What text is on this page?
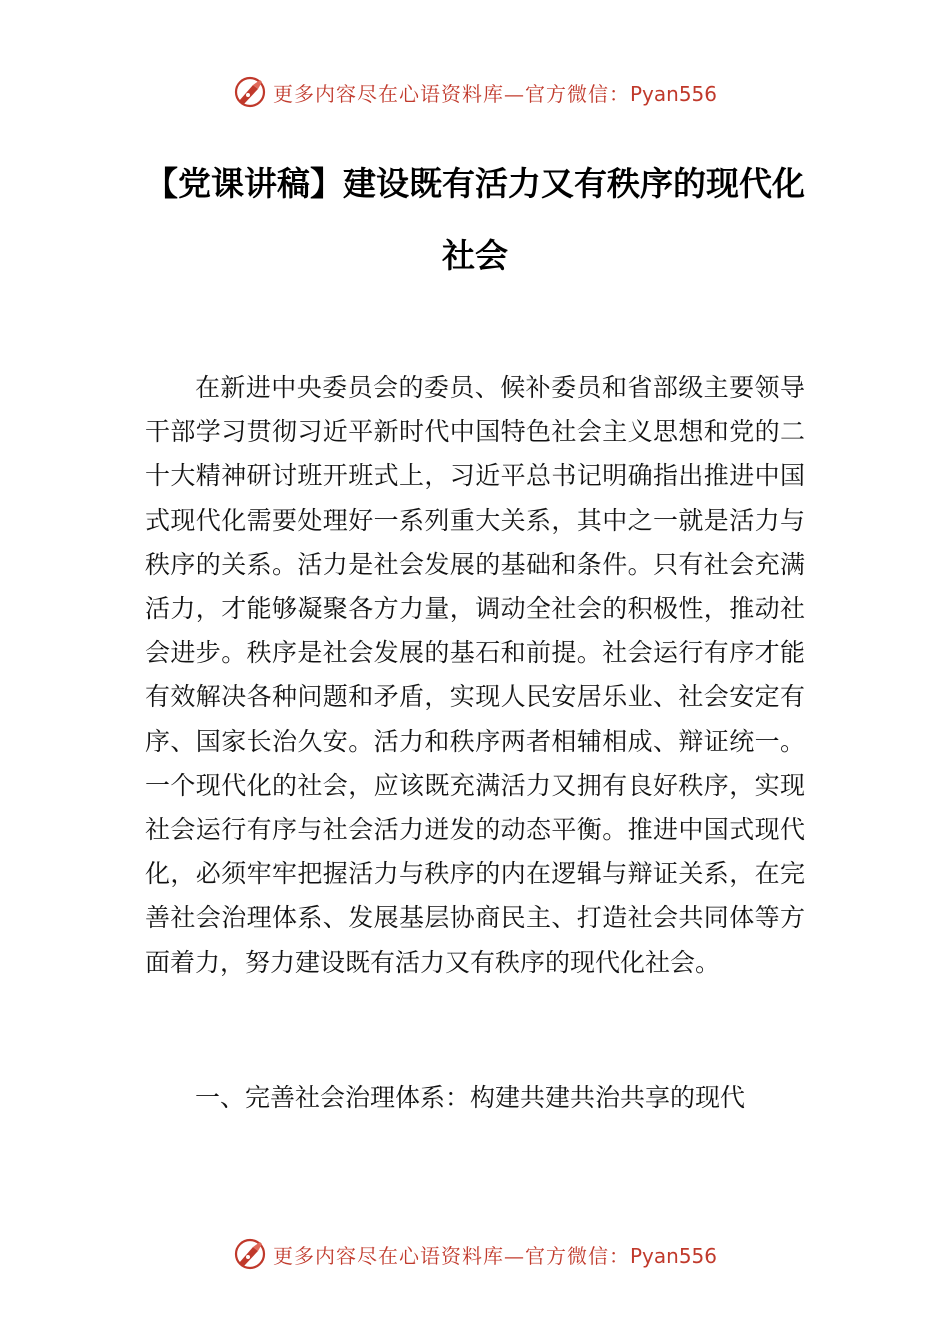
更多内容尽在心语资料库—官方微信：Pyan556
【党课讲稿】建设既有活力又有秩序的现代化社会

在新进中央委员会的委员、候补委员和省部级主要领导干部学习贯彻习近平新时代中国特色社会主义思想和党的二十大精神研讨班开班式上，习近平总书记明确指出推进中国式现代化需要处理好一系列重大关系，其中之一就是活力与秩序的关系。活力是社会发展的基础和条件。只有社会充满活力，才能够凝聚各方力量，调动全社会的积极性，推动社会进步。秩序是社会发展的基石和前提。社会运行有序才能有效解决各种问题和矛盾，实现人民安居乐业、社会安定有序、国家长治久安。活力和秩序两者相辅相成、辩证统一。一个现代化的社会，应该既充满活力又拥有良好秩序，实现社会运行有序与社会活力迸发的动态平衡。推进中国式现代化，必须牢牢把握活力与秩序的内在逻辑与辩证关系，在完善社会治理体系、发展基层协商民主、打造社会共同体等方面着力，努力建设既有活力又有秩序的现代化社会。

一、完善社会治理体系：构建共建共治共享的现代

更多内容尽在心语资料库—官方微信：Pyan556
